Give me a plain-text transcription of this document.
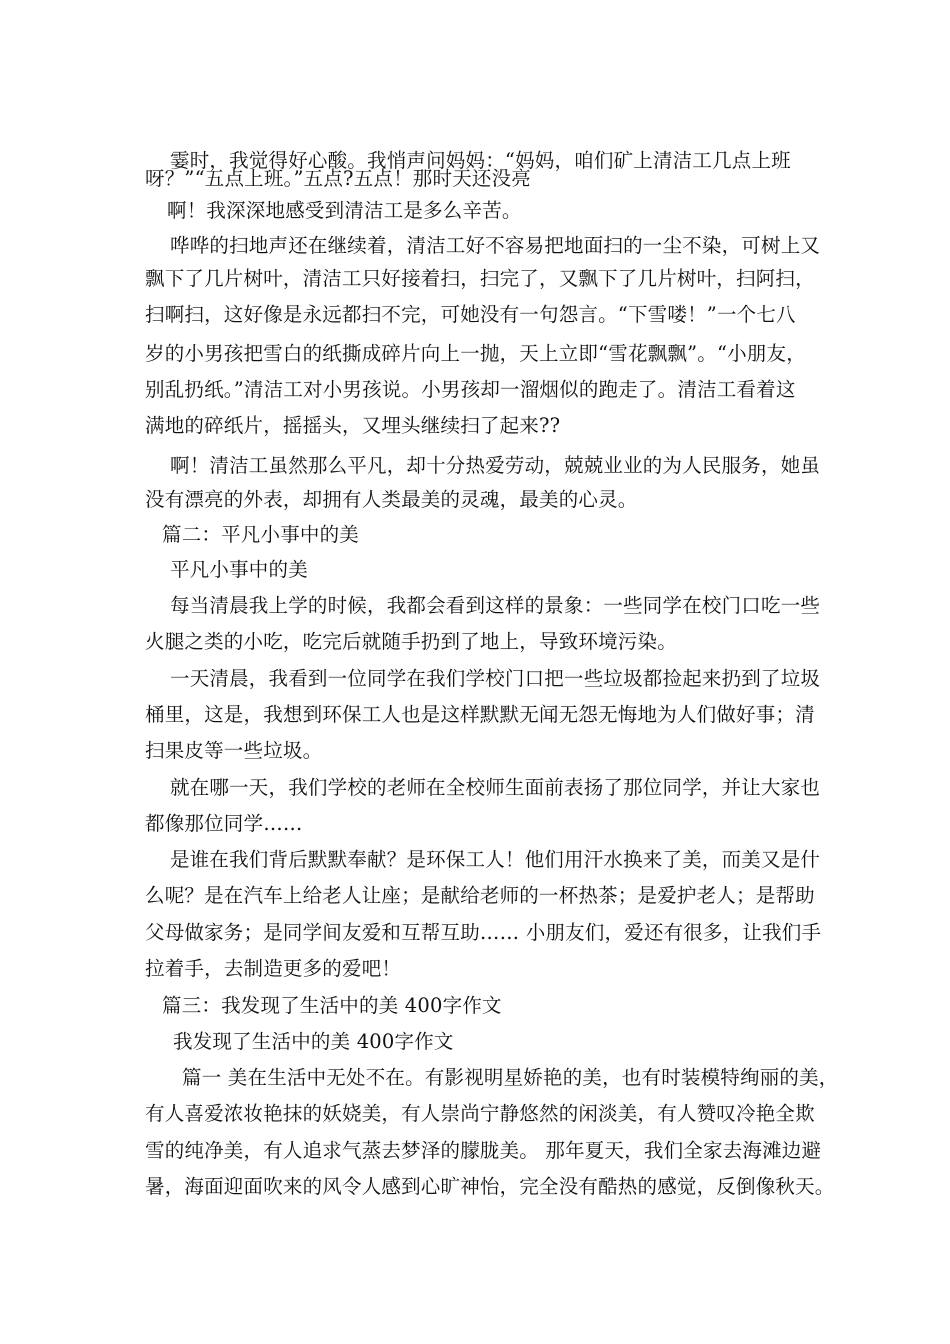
霎时，我觉得好心酸。我悄声问妈妈：“妈妈，咱们矿上清洁工几点上班
呀？”“五点上班。”五点?五点！那时天还没亮
啊！我深深地感受到清洁工是多么辛苦。
哗哗的扫地声还在继续着，清洁工好不容易把地面扫的一尘不染，可树上又
飘下了几片树叶，清洁工只好接着扫，扫完了，又飘下了几片树叶，扫阿扫，
扫啊扫，这好像是永远都扫不完，可她没有一句怨言。“下雪喽！”一个七八
岁的小男孩把雪白的纸撕成碎片向上一抛，天上立即“雪花飘飘”。“小朋友，
别乱扔纸。”清洁工对小男孩说。小男孩却一溜烟似的跑走了。清洁工看着这
满地的碎纸片，摇摇头，又埋头继续扫了起来??
啊！清洁工虽然那么平凡，却十分热爱劳动，兢兢业业的为人民服务，她虽
没有漂亮的外表，却拥有人类最美的灵魂，最美的心灵。
篇二：平凡小事中的美
平凡小事中的美
每当清晨我上学的时候，我都会看到这样的景象：一些同学在校门口吃一些
火腿之类的小吃，吃完后就随手扔到了地上，导致环境污染。
一天清晨，我看到一位同学在我们学校门口把一些垃圾都捡起来扔到了垃圾
桶里，这是，我想到环保工人也是这样默默无闻无怨无悔地为人们做好事；清
扫果皮等一些垃圾。
就在哪一天，我们学校的老师在全校师生面前表扬了那位同学，并让大家也
都像那位同学……
是谁在我们背后默默奉献？是环保工人！他们用汗水换来了美，而美又是什
么呢？是在汽车上给老人让座；是献给老师的一杯热茶；是爱护老人；是帮助
父母做家务；是同学间友爱和互帮互助…… 小朋友们，爱还有很多，让我们手
拉着手，去制造更多的爱吧！
篇三：我发现了生活中的美 400字作文
我发现了生活中的美 400字作文
篇一 美在生活中无处不在。有影视明星娇艳的美，也有时装模特绚丽的美，
有人喜爱浓妆艳抹的妖娆美，有人崇尚宁静悠然的闲淡美，有人赞叹冷艳全欺
雪的纯净美，有人追求气蒸去梦泽的朦胧美。 那年夏天，我们全家去海滩边避
暑，海面迎面吹来的风令人感到心旷神怡，完全没有酷热的感觉，反倒像秋天。
